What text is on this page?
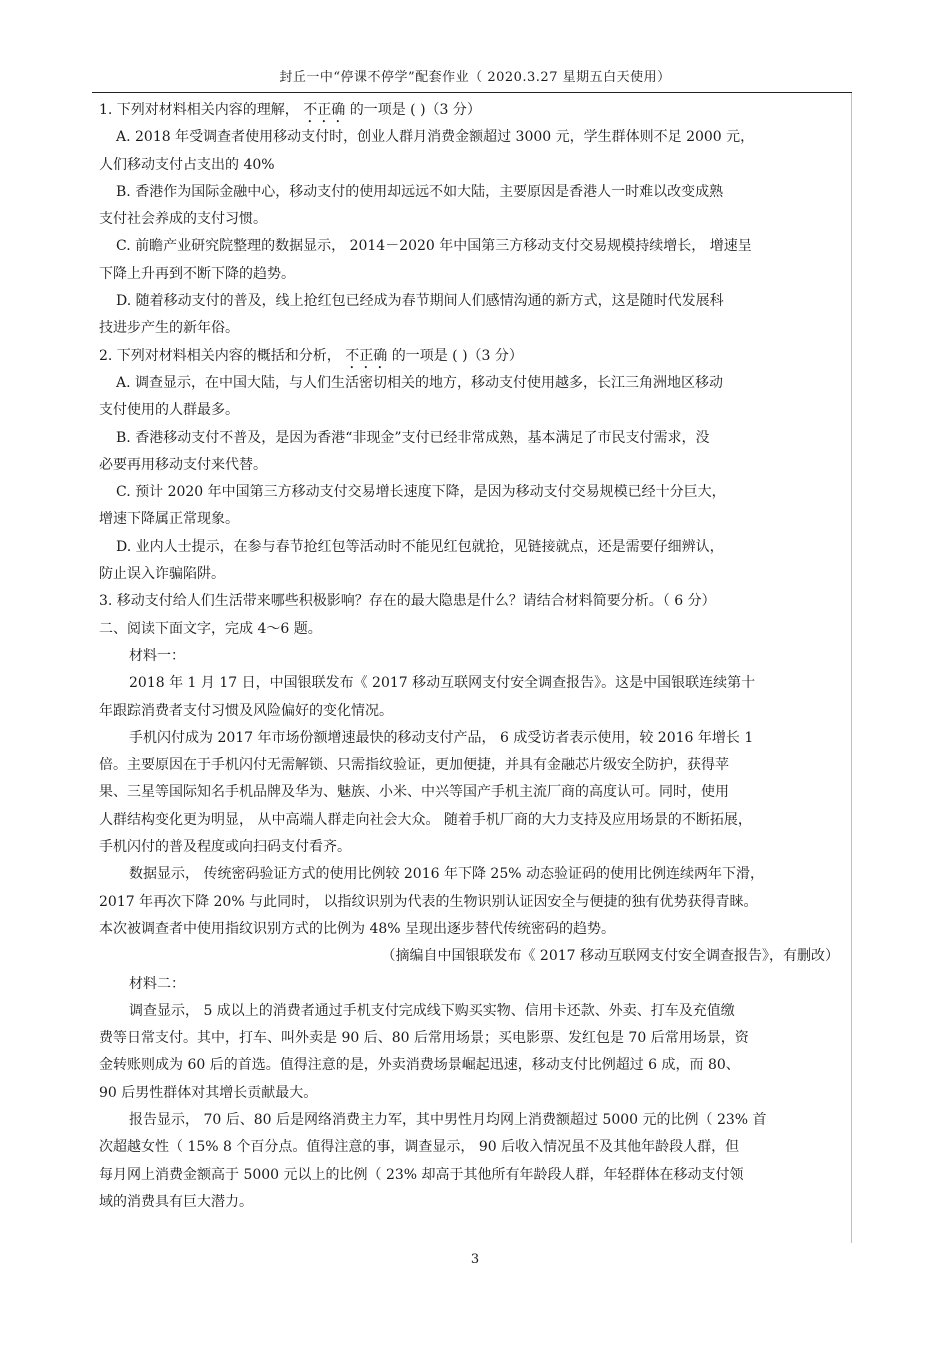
封丘一中“停课不停学”配套作业（ 2020.3.27 星期五白天使用）
1. 下列对材料相关内容的理解， 不正确 的一项是 ( )（3 分）
A. 2018 年受调查者使用移动支付时，创业人群月消费金额超过 3000 元，学生群体则不足 2000 元，
人们移动支付占支出的 40%
B. 香港作为国际金融中心，移动支付的使用却远远不如大陆，主要原因是香港人一时难以改变成熟
支付社会养成的支付习惯。
C. 前瞻产业研究院整理的数据显示， 2014－2020 年中国第三方移动支付交易规模持续增长， 增速呈
下降上升再到不断下降的趋势。
D. 随着移动支付的普及，线上抢红包已经成为春节期间人们感情沟通的新方式，这是随时代发展科
技进步产生的新年俗。
2. 下列对材料相关内容的概括和分析， 不正确 的一项是 ( )（3 分）
A. 调查显示，在中国大陆，与人们生活密切相关的地方，移动支付使用越多，长江三角洲地区移动
支付使用的人群最多。
B. 香港移动支付不普及，是因为香港“非现金”支付已经非常成熟，基本满足了市民支付需求，没
必要再用移动支付来代替。
C. 预计 2020 年中国第三方移动支付交易增长速度下降，是因为移动支付交易规模已经十分巨大，
增速下降属正常现象。
D. 业内人士提示，在参与春节抢红包等活动时不能见红包就抢，见链接就点，还是需要仔细辨认，
防止误入诈骗陷阱。
3. 移动支付给人们生活带来哪些积极影响？存在的最大隐患是什么？请结合材料简要分析。（ 6 分）
二、阅读下面文字，完成 4～6 题。
材料一：
2018 年 1 月 17 日，中国银联发布《 2017 移动互联网支付安全调查报告》。这是中国银联连续第十
年跟踪消费者支付习惯及风险偏好的变化情况。
手机闪付成为 2017 年市场份额增速最快的移动支付产品， 6 成受访者表示使用，较 2016 年增长 1
倍。主要原因在于手机闪付无需解锁、只需指纹验证，更加便捷，并具有金融芯片级安全防护，获得苹
果、三星等国际知名手机品牌及华为、魅族、小米、中兴等国产手机主流厂商的高度认可。同时，使用
人群结构变化更为明显， 从中高端人群走向社会大众。 随着手机厂商的大力支持及应用场景的不断拓展，
手机闪付的普及程度或向扫码支付看齐。
数据显示， 传统密码验证方式的使用比例较 2016 年下降 25% 动态验证码的使用比例连续两年下滑，
2017 年再次下降 20% 与此同时， 以指纹识别为代表的生物识别认证因安全与便捷的独有优势获得青睐。
本次被调查者中使用指纹识别方式的比例为 48% 呈现出逐步替代传统密码的趋势。
（摘编自中国银联发布《 2017 移动互联网支付安全调查报告》，有删改）
材料二：
调查显示， 5 成以上的消费者通过手机支付完成线下购买实物、信用卡还款、外卖、打车及充值缴
费等日常支付。其中，打车、叫外卖是 90 后、80 后常用场景；买电影票、发红包是 70 后常用场景，资
金转账则成为 60 后的首选。值得注意的是，外卖消费场景崛起迅速，移动支付比例超过 6 成，而 80、
90 后男性群体对其增长贡献最大。
报告显示， 70 后、80 后是网络消费主力军，其中男性月均网上消费额超过 5000 元的比例（ 23% 首
次超越女性（ 15% 8 个百分点。值得注意的事，调查显示， 90 后收入情况虽不及其他年龄段人群，但
每月网上消费金额高于 5000 元以上的比例（ 23% 却高于其他所有年龄段人群，年轻群体在移动支付领
域的消费具有巨大潜力。
3
